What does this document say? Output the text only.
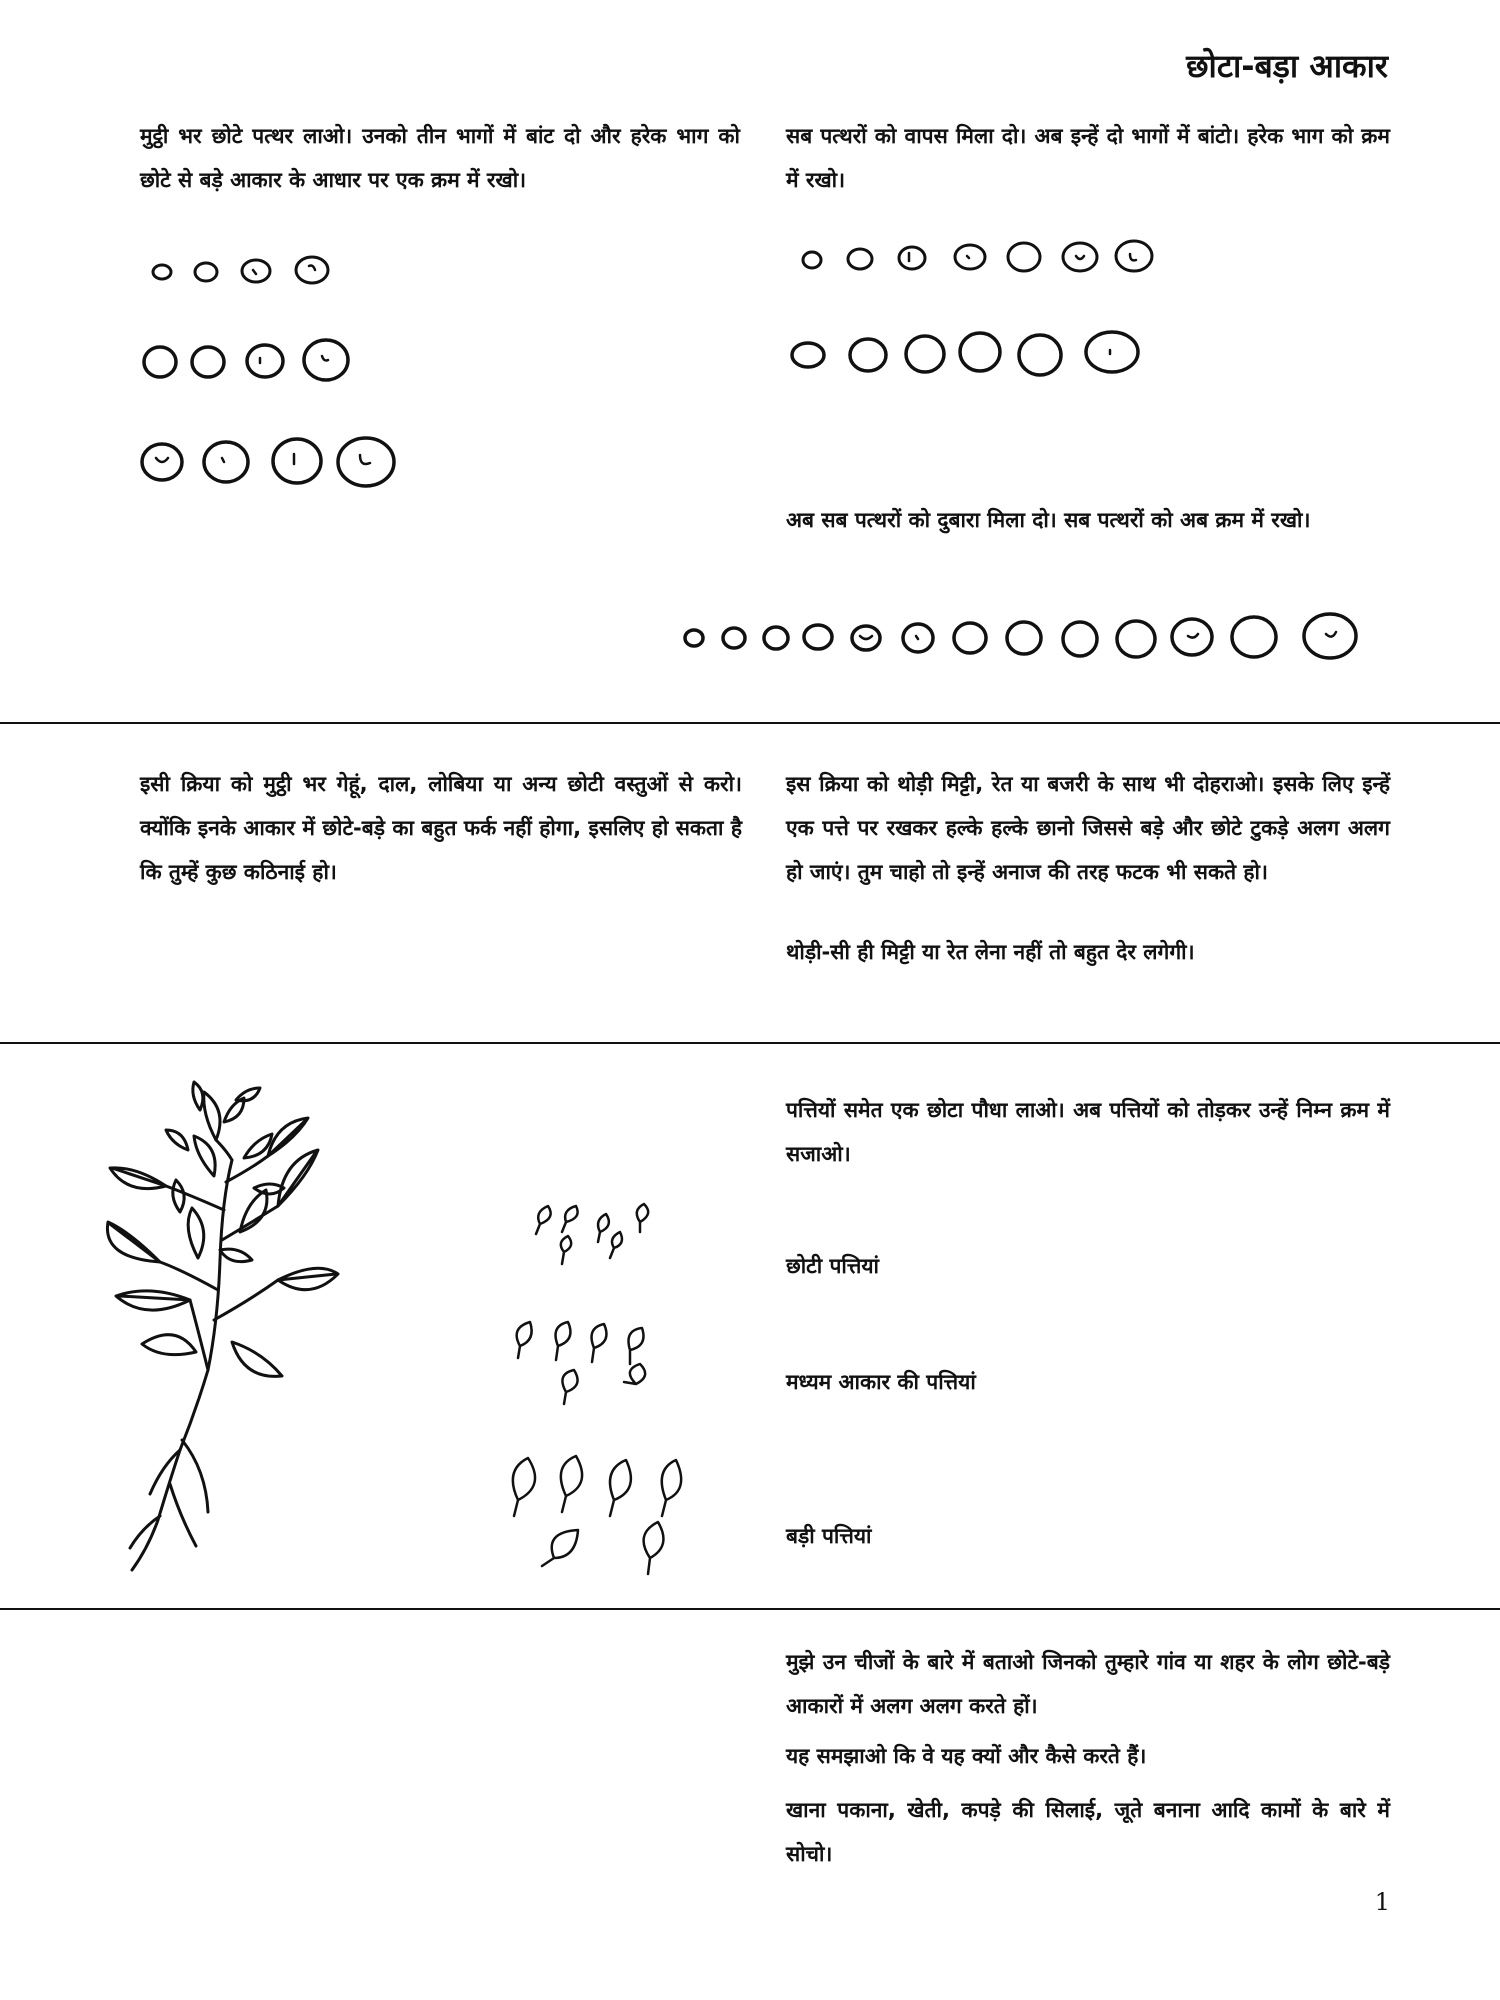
छोटा-बड़ा आकार

मुट्ठी भर छोटे पत्थर लाओ। उनको तीन भागों में बांट दो और हरेक भाग को छोटे से बड़े आकार के आधार पर एक क्रम में रखो।

सब पत्थरों को वापस मिला दो। अब इन्हें दो भागों में बांटो। हरेक भाग को क्रम में रखो।

अब सब पत्थरों को दुबारा मिला दो। सब पत्थरों को अब क्रम में रखो।

इसी क्रिया को मुट्ठी भर गेहूं, दाल, लोबिया या अन्य छोटी वस्तुओं से करो। क्योंकि इनके आकार में छोटे-बड़े का बहुत फर्क नहीं होगा, इसलिए हो सकता है कि तुम्हें कुछ कठिनाई हो।

इस क्रिया को थोड़ी मिट्टी, रेत या बजरी के साथ भी दोहराओ। इसके लिए इन्हें एक पत्ते पर रखकर हल्के हल्के छानो जिससे बड़े और छोटे टुकड़े अलग अलग हो जाएं। तुम चाहो तो इन्हें अनाज की तरह फटक भी सकते हो।

थोड़ी-सी ही मिट्टी या रेत लेना नहीं तो बहुत देर लगेगी।

पत्तियों समेत एक छोटा पौधा लाओ। अब पत्तियों को तोड़कर उन्हें निम्न क्रम में सजाओ।

छोटी पत्तियां

मध्यम आकार की पत्तियां

बड़ी पत्तियां

मुझे उन चीजों के बारे में बताओ जिनको तुम्हारे गांव या शहर के लोग छोटे-बड़े आकारों में अलग अलग करते हों।

यह समझाओ कि वे यह क्यों और कैसे करते हैं।

खाना पकाना, खेती, कपड़े की सिलाई, जूते बनाना आदि कामों के बारे में सोचो।

1
